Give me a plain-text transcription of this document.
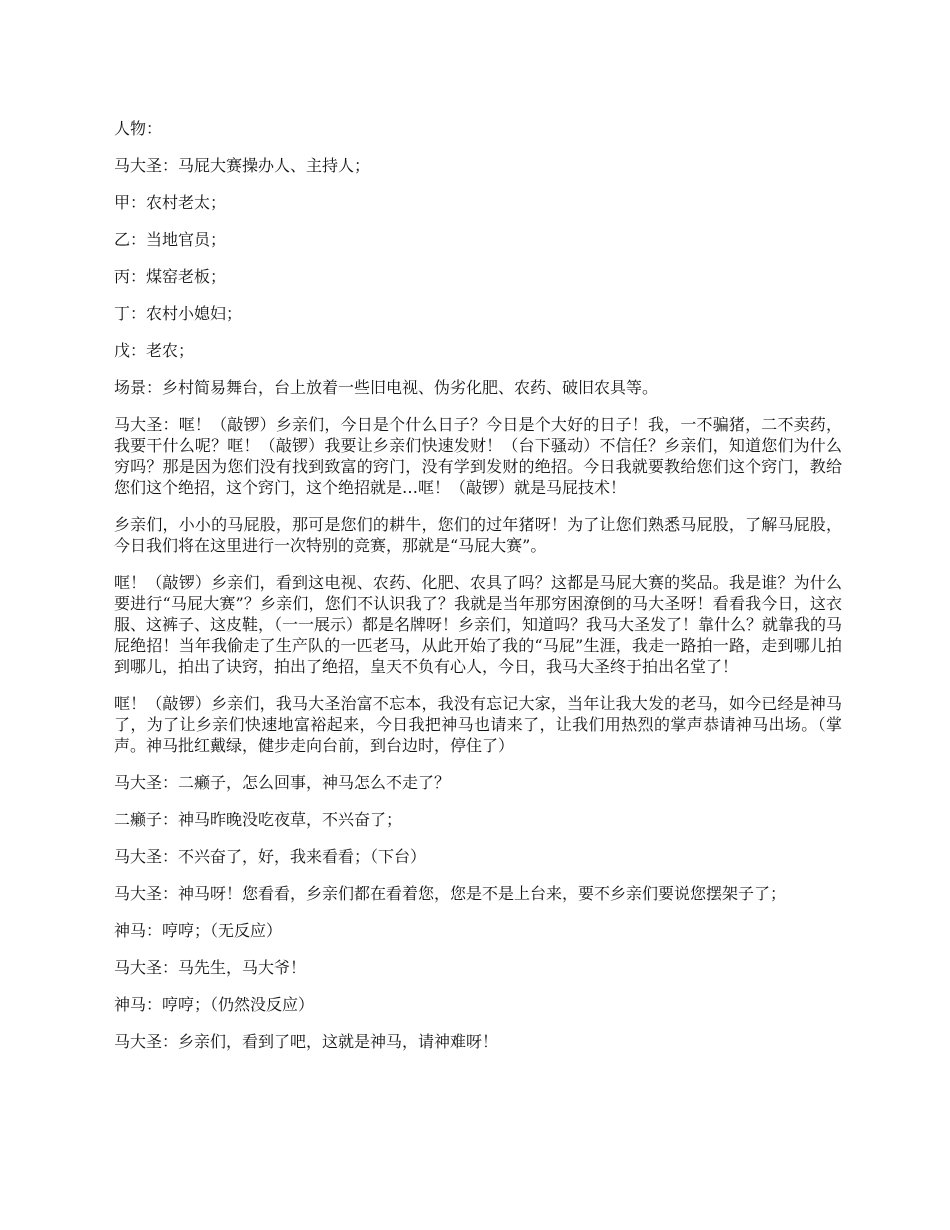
人物：

马大圣：马屁大赛操办人、主持人；

甲：农村老太；

乙：当地官员；

丙：煤窑老板；

丁：农村小媳妇；

戊：老农；

场景：乡村简易舞台，台上放着一些旧电视、伪劣化肥、农药、破旧农具等。

马大圣：哐！（敲锣）乡亲们，今日是个什么日子？今日是个大好的日子！我，一不骗猪，二不卖药，我要干什么呢？哐！（敲锣）我要让乡亲们快速发财！（台下骚动）不信任？乡亲们，知道您们为什么穷吗？那是因为您们没有找到致富的窍门，没有学到发财的绝招。今日我就要教给您们这个窍门，教给您们这个绝招，这个窍门，这个绝招就是…哐！（敲锣）就是马屁技术！

乡亲们，小小的马屁股，那可是您们的耕牛，您们的过年猪呀！为了让您们熟悉马屁股，了解马屁股，今日我们将在这里进行一次特别的竞赛，那就是“马屁大赛”。

哐！（敲锣）乡亲们，看到这电视、农药、化肥、农具了吗？这都是马屁大赛的奖品。我是谁？为什么要进行“马屁大赛”？乡亲们，您们不认识我了？我就是当年那穷困潦倒的马大圣呀！看看我今日，这衣服、这裤子、这皮鞋，（一一展示）都是名牌呀！乡亲们，知道吗？我马大圣发了！靠什么？就靠我的马屁绝招！当年我偷走了生产队的一匹老马，从此开始了我的“马屁”生涯，我走一路拍一路，走到哪儿拍到哪儿，拍出了诀窍，拍出了绝招，皇天不负有心人，今日，我马大圣终于拍出名堂了！

哐！（敲锣）乡亲们，我马大圣治富不忘本，我没有忘记大家，当年让我大发的老马，如今已经是神马了，为了让乡亲们快速地富裕起来，今日我把神马也请来了，让我们用热烈的掌声恭请神马出场。（掌声。神马批红戴绿，健步走向台前，到台边时，停住了）

马大圣：二癞子，怎么回事，神马怎么不走了？

二癞子：神马昨晚没吃夜草，不兴奋了；

马大圣：不兴奋了，好，我来看看；（下台）

马大圣：神马呀！您看看，乡亲们都在看着您，您是不是上台来，要不乡亲们要说您摆架子了；

神马：哼哼；（无反应）

马大圣：马先生，马大爷！

神马：哼哼；（仍然没反应）

马大圣：乡亲们，看到了吧，这就是神马，请神难呀！
